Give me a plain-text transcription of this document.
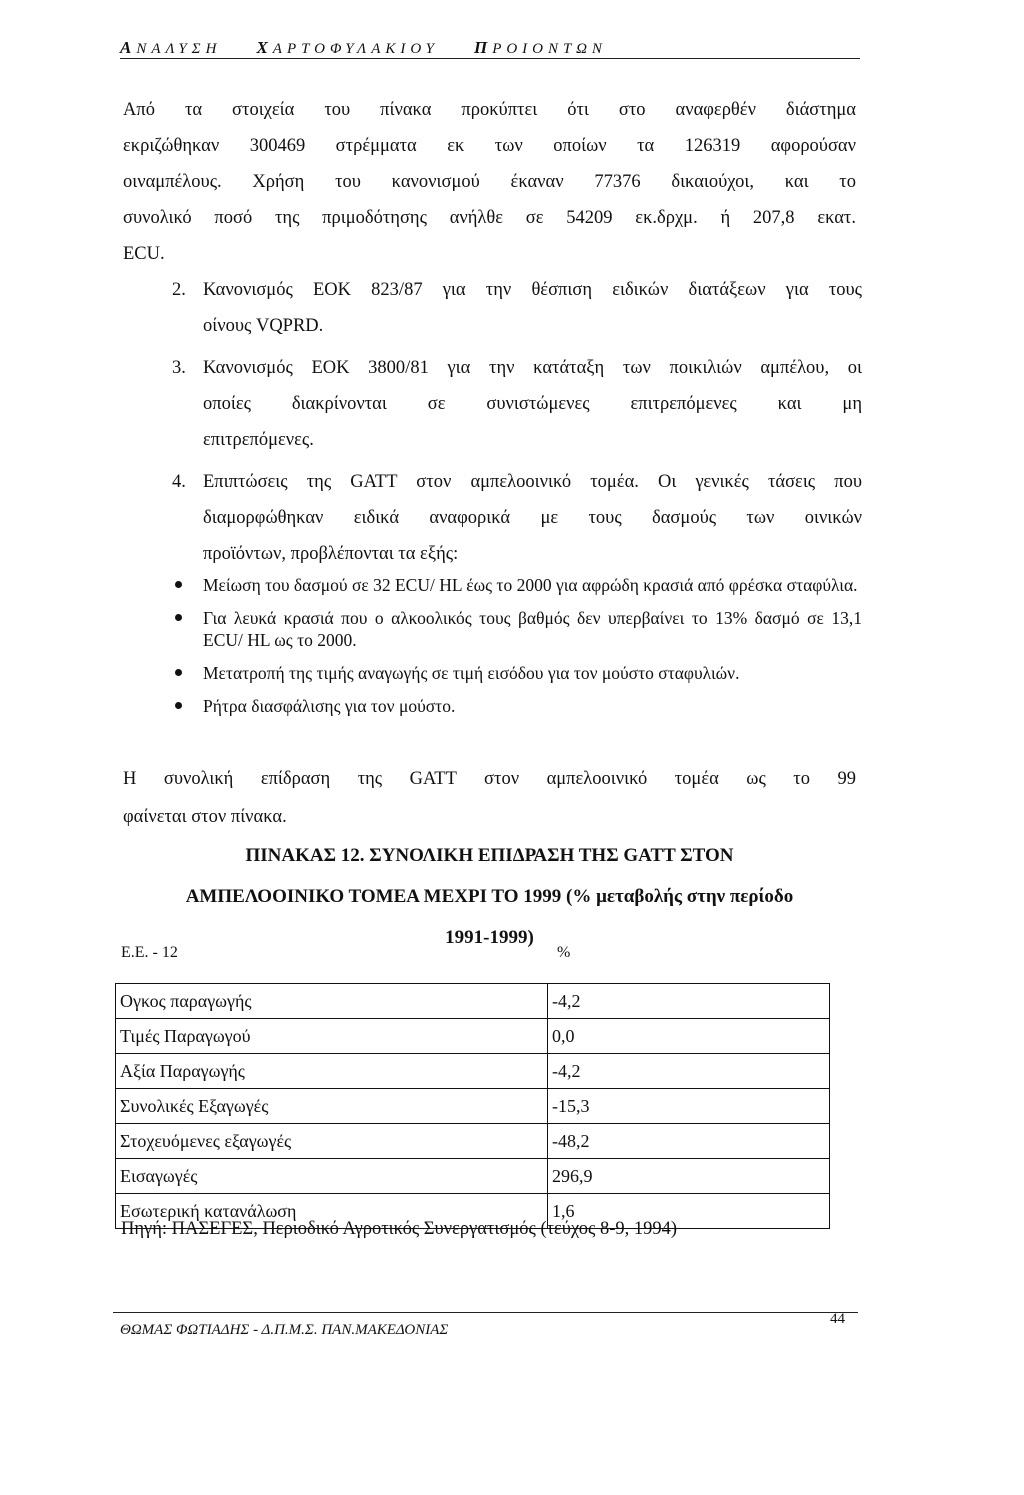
ΑΝΑΛΥΣΗ ΧΑΡΤΟΦΥΛΑΚΙΟΥ ΠΡΟΙΟΝΤΩΝ
Από τα στοιχεία του πίνακα προκύπτει ότι στο αναφερθέν διάστημα
εκριζώθηκαν 300469 στρέμματα εκ των οποίων τα 126319 αφορούσαν
οιναμπέλους. Χρήση του κανονισμού έκαναν 77376 δικαιούχοι, και το
συνολικό ποσό της πριμοδότησης ανήλθε σε 54209 εκ.δρχμ. ή 207,8 εκατ.
ECU.
2. Κανονισμός ΕΟΚ 823/87 για την θέσπιση ειδικών διατάξεων για τους
οίνους VQPRD.
3. Κανονισμός ΕΟΚ 3800/81 για την κατάταξη των ποικιλιών αμπέλου, οι
οποίες διακρίνονται σε συνιστώμενες επιτρεπόμενες και μη
επιτρεπόμενες.
4. Επιπτώσεις της GATT στον αμπελοοινικό τομέα. Οι γενικές τάσεις που
διαμορφώθηκαν ειδικά αναφορικά με τους δασμούς των οινικών
προϊόντων, προβλέπονται τα εξής:
Μείωση του δασμού σε 32 ECU/ HL έως το 2000 για αφρώδη κρασιά από φρέσκα σταφύλια.
Για λευκά κρασιά που ο αλκοολικός τους βαθμός δεν υπερβαίνει το 13% δασμό σε 13,1 ECU/ HL ως το 2000.
Μετατροπή της τιμής αναγωγής σε τιμή εισόδου για τον μούστο σταφυλιών.
Ρήτρα διασφάλισης για τον μούστο.
Η συνολική επίδραση της GATT στον αμπελοοινικό τομέα ως το 99
φαίνεται στον πίνακα.
ΠΙΝΑΚΑΣ 12. ΣΥΝΟΛΙΚΗ ΕΠΙΔΡΑΣΗ ΤΗΣ GATT ΣΤΟΝ
ΑΜΠΕΛΟΟΙΝΙΚΟ ΤΟΜΕΑ ΜΕΧΡΙ ΤΟ 1999 (% μεταβολής στην περίοδο
1991-1999)
Ε.Ε. - 12	%
Ογκος παραγωγής	-4,2
Τιμές Παραγωγού	0,0
Αξία Παραγωγής	-4,2
Συνολικές Εξαγωγές	-15,3
Στοχευόμενες εξαγωγές	-48,2
Εισαγωγές	296,9
Εσωτερική κατανάλωση	1,6
Πηγή: ΠΑΣΕΓΕΣ, Περιοδικό Αγροτικός Συνεργατισμός (τεύχος 8-9, 1994)
ΘΩΜΑΣ ΦΩΤΙΑΔΗΣ - Δ.Π.Μ.Σ. ΠΑΝ.ΜΑΚΕΔΟΝΙΑΣ
44
